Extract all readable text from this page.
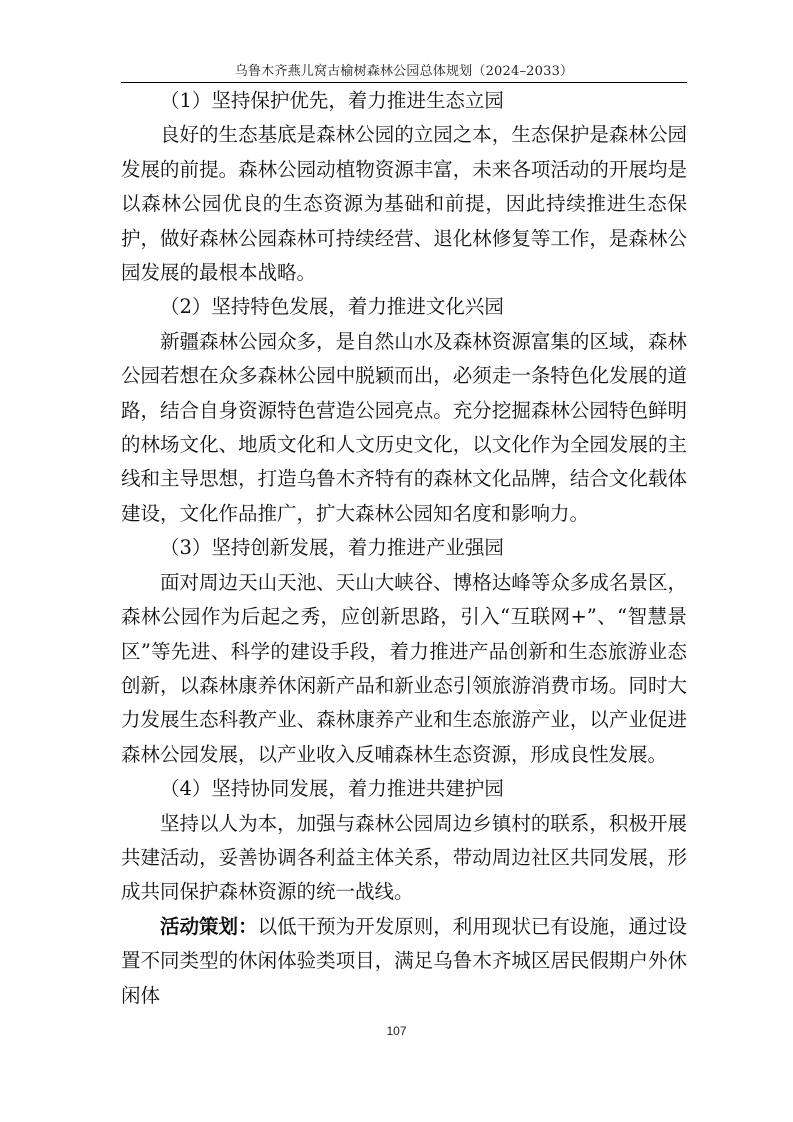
乌鲁木齐燕儿窝古榆树森林公园总体规划（2024–2033）

（1）坚持保护优先，着力推进生态立园

良好的生态基底是森林公园的立园之本，生态保护是森林公园发展的前提。森林公园动植物资源丰富，未来各项活动的开展均是以森林公园优良的生态资源为基础和前提，因此持续推进生态保护，做好森林公园森林可持续经营、退化林修复等工作，是森林公园发展的最根本战略。

（2）坚持特色发展，着力推进文化兴园

新疆森林公园众多，是自然山水及森林资源富集的区域，森林公园若想在众多森林公园中脱颖而出，必须走一条特色化发展的道路，结合自身资源特色营造公园亮点。充分挖掘森林公园特色鲜明的林场文化、地质文化和人文历史文化，以文化作为全园发展的主线和主导思想，打造乌鲁木齐特有的森林文化品牌，结合文化载体建设，文化作品推广，扩大森林公园知名度和影响力。

（3）坚持创新发展，着力推进产业强园

面对周边天山天池、天山大峡谷、博格达峰等众多成名景区，森林公园作为后起之秀，应创新思路，引入“互联网+”、“智慧景区”等先进、科学的建设手段，着力推进产品创新和生态旅游业态创新，以森林康养休闲新产品和新业态引领旅游消费市场。同时大力发展生态科教产业、森林康养产业和生态旅游产业，以产业促进森林公园发展，以产业收入反哺森林生态资源，形成良性发展。

（4）坚持协同发展，着力推进共建护园

坚持以人为本，加强与森林公园周边乡镇村的联系，积极开展共建活动，妥善协调各利益主体关系，带动周边社区共同发展，形成共同保护森林资源的统一战线。

活动策划：以低干预为开发原则，利用现状已有设施，通过设置不同类型的休闲体验类项目，满足乌鲁木齐城区居民假期户外休闲体

107
